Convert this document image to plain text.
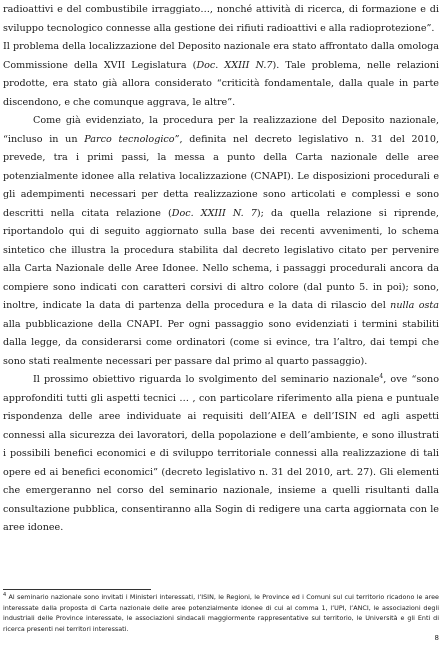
radioattivi e del combustibile irraggiato…, nonché attività di ricerca, di formazione e di sviluppo tecnologico connesse alla gestione dei rifiuti radioattivi e alla radioprotezione”.

Il problema della localizzazione del Deposito nazionale era stato affrontato dalla omologa Commissione della XVII Legislatura (Doc. XXIII N.7). Tale problema, nelle relazioni prodotte, era stato già allora considerato “criticità fondamentale, dalla quale in parte discendono, e che comunque aggrava, le altre”.

Come già evidenziato, la procedura per la realizzazione del Deposito nazionale, “incluso in un Parco tecnologico”, definita nel decreto legislativo n. 31 del 2010, prevede, tra i primi passi, la messa a punto della Carta nazionale delle aree potenzialmente idonee alla relativa localizzazione (CNAPI). Le disposizioni procedurali e gli adempimenti necessari per detta realizzazione sono articolati e complessi e sono descritti nella citata relazione (Doc. XXIII N. 7); da quella relazione si riprende, riportandolo qui di seguito aggiornato sulla base dei recenti avvenimenti, lo schema sintetico che illustra la procedura stabilita dal decreto legislativo citato per pervenire alla Carta Nazionale delle Aree Idonee. Nello schema, i passaggi procedurali ancora da compiere sono indicati con caratteri corsivi di altro colore (dal punto 5. in poi); sono, inoltre, indicate la data di partenza della procedura e la data di rilascio del nulla osta alla pubblicazione della CNAPI. Per ogni passaggio sono evidenziati i termini stabiliti dalla legge, da considerarsi come ordinatori (come si evince, tra l’altro, dai tempi che sono stati realmente necessari per passare dal primo al quarto passaggio).

Il prossimo obiettivo riguarda lo svolgimento del seminario nazionale$^4$, ove “sono approfonditi tutti gli aspetti tecnici … , con particolare riferimento alla piena e puntuale rispondenza delle aree individuate ai requisiti dell’AIEA e dell’ISIN ed agli aspetti connessi alla sicurezza dei lavoratori, della popolazione e dell’ambiente, e sono illustrati i possibili benefici economici e di sviluppo territoriale connessi alla realizzazione di tali opere ed ai benefici economici” (decreto legislativo n. 31 del 2010, art. 27). Gli elementi che emergeranno nel corso del seminario nazionale, insieme a quelli risultanti dalla consultazione pubblica, consentiranno alla Sogin di redigere una carta aggiornata con le aree idonee.

$^4$ Al seminario nazionale sono invitati i Ministeri interessati, l’ISIN, le Regioni, le Province ed i Comuni sul cui territorio ricadono le aree interessate dalla proposta di Carta nazionale delle aree potenzialmente idonee di cui al comma 1, l’UPI, l’ANCI, le associazioni degli industriali delle Province interessate, le associazioni sindacali maggiormente rappresentative sul territorio, le Università e gli Enti di ricerca presenti nei territori interessati.
8
